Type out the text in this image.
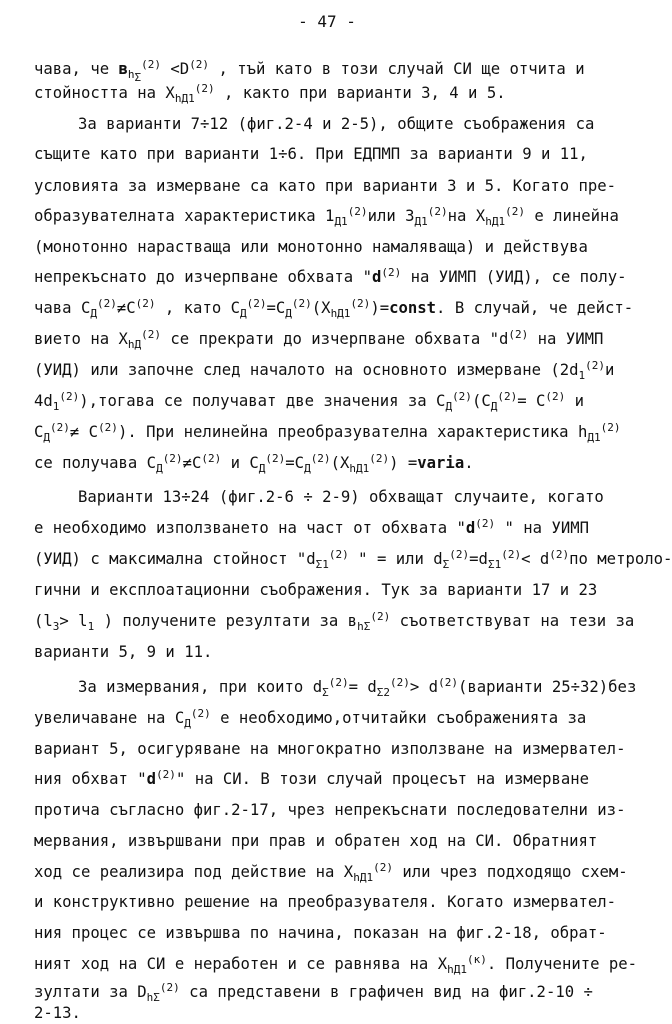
- 47 -
чава, че $в_{h_\Sigma}^{(2)} <D^{(2)}$ , тъй като в този случай СИ ще отчита и
стойността на $X_{hД1}^{(2)}$ , както при варианти 3, 4 и 5.
За варианти 7÷12 (фиг.2-4 и 2-5), общите съображения са
същите като при варианти 1÷6. При ЕДПМП за варианти 9 и 11,
условията за измерване са като при варианти 3 и 5. Когато пре-
образувателната характеристика $1_{Д1}^{(2)}или$ $3_{Д1}^{(2)}на$ $X_{hД1}^{(2)}$ е линейна
(монотонно нарастваща или монотонно намаляваща) и действува
непрекъснато до изчерпване обхвата "$d^{(2)}$ на УИМП (УИД), се полу-
чава $C_Д^{(2)}\ne C^{(2)}$ , като $C_Д^{(2)}=C_Д^{(2)}(X_{hД1}^{(2)})=const$. В случай, че дейст-
вието на $X_{hД}^{(2)}$ се прекрати до изчерпване обхвата "$d^{(2)}$ на УИМП
(УИД) или започне след началото на основното измерване ($2d_1^{(2)}и$
$4d_1^{(2)}),тогава$ се получават две значения за $C_Д^{(2)}(C_Д^{(2)}= C^{(2)}$ и
$C_Д^{(2)}\ne C^{(2)}$). При нелинейна преобразувателна характеристика $h_{Д1}^{(2)}$
се получава $C_Д^{(2)}\ne C^{(2)}$ и $C_Д^{(2)}=C_Д^{(2)}(X_{hД1}^{(2)})$ =varia.
Варианти 13÷24 (фиг.2-6 ÷ 2-9) обхващат случаите, когато
е необходимо използването на част от обхвата "$d^{(2)}$ " на УИМП
(УИД) с максимална стойност "$d_{\Sigma 1}^{(2)}$ " = или $d_\Sigma^{(2)}=d_{\Sigma 1}^{(2)}< d^{(2)}по$ метроло-
гични и експлоатационни съображения. Тук за варианти 17 и 23
($l_3> l_1$ ) получените резултати за $в_{h\Sigma}^{(2)}$ съответствуват на тези за
варианти 5, 9 и 11.
За измервания, при които $d_\Sigma^{(2)}= d_{\Sigma 2}^{(2)}>$ $d^{(2)}(варианти$ 25÷32)без
увеличаване на $C_Д^{(2)}$ е необходимо,отчитайки съображенията за
вариант 5, осигуряване на многократно използване на измервател-
ния обхват "$d^{(2)}$" на СИ. В този случай процесът на измерване
протича съгласно фиг.2-17, чрез непрекъснати последователни из-
мервания, извършвани при прав и обратен ход на СИ. Обратният
ход се реализира под действие на $X_{hД1}^{(2)}$ или чрез подходящо схем-
и конструктивно решение на преобразувателя. Когато измервател-
ния процес се извършва по начина, показан на фиг.2-18, обрат-
ният ход на СИ е неработен и се равнява на $X_{hД1}^{(к)}$. Получените ре-
зултати за $D_{h\Sigma}^{(2)}$ са представени в графичен вид на фиг.2-10 ÷
2-13.
